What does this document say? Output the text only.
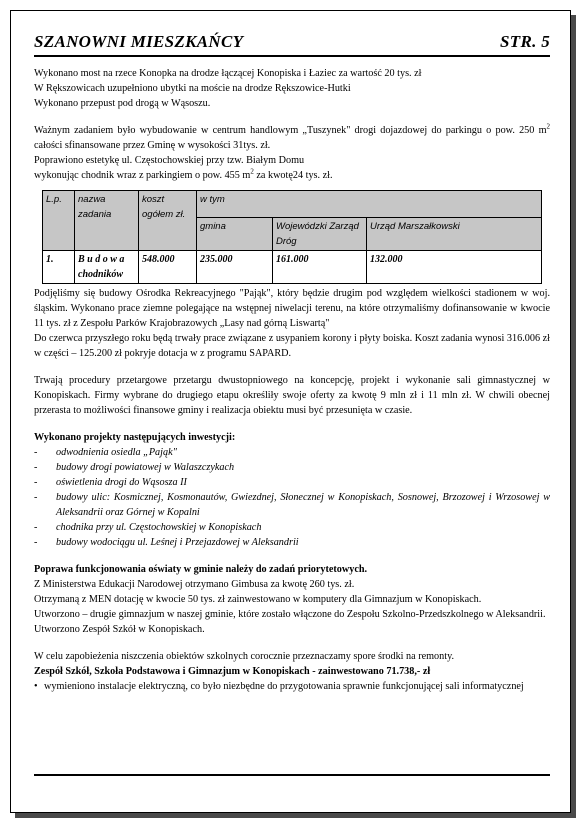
SZANOWNI MIESZKAŃCY	STR. 5

Wykonano most na rzece Konopka na drodze łączącej Konopiska i Łaziec za wartość 20 tys. zł

W Rększowicach uzupełniono ubytki na moście na drodze Rększowice-Hutki

Wykonano przepust pod drogą w Wąsoszu.

Ważnym zadaniem było wybudowanie w centrum handlowym „Tuszynek" drogi dojazdowej do parkingu o pow. 250 $m^2$ całości sfinansowane przez Gminę w wysokości 31tys. zł.

Poprawiono estetykę ul. Częstochowskiej przy tzw. Białym Domu

wykonując chodnik wraz z parkingiem o pow. 455 $m^2$ za kwotę24 tys. zł.

L.p.	nazwa zadania	koszt ogółem zł.	w tym		
			gmina	Wojewódzki Zarząd Dróg	Urząd Marszałkowski
1.	B u d o w a chodników	548.000	235.000	161.000	132.000

Podjęliśmy się budowy Ośrodka Rekreacyjnego "Pająk", który będzie drugim pod względem wielkości stadionem w woj. śląskim. Wykonano prace ziemne polegające na wstępnej niwelacji terenu, na które otrzymaliśmy dofinansowanie w kwocie 11 tys. zł z Zespołu Parków Krajobrazowych „Lasy nad górną Liswartą"

Do czerwca przyszłego roku będą trwały prace związane z usypaniem korony i płyty boiska. Koszt zadania wynosi 316.006 zł w części – 125.200 zł pokryje dotacja w z programu SAPARD.

Trwają procedury przetargowe przetargu dwustopniowego na koncepcję, projekt i wykonanie sali gimnastycznej w Konopiskach. Firmy wybrane do drugiego etapu określiły swoje oferty za kwotę 9 mln zł i 11 mln zł. W chwili obecnej przerasta to możliwości finansowe gminy i realizacja obiektu musi być przesunięta w czasie.

Wykonano projekty następujących inwestycji:

- odwodnienia osiedla „Pająk"
- budowy drogi powiatowej w Walaszczykach
- oświetlenia drogi do Wąsosza II
- budowy ulic: Kosmicznej, Kosmonautów, Gwiezdnej, Słonecznej w Konopiskach, Sosnowej, Brzozowej i Wrzosowej w Aleksandrii oraz Górnej w Kopalni
- chodnika przy ul. Częstochowskiej w Konopiskach
- budowy wodociągu ul. Leśnej i Przejazdowej w Aleksandrii

Poprawa funkcjonowania oświaty w gminie należy do zadań priorytetowych.

Z Ministerstwa Edukacji Narodowej otrzymano Gimbusa za kwotę 260 tys. zł.

Otrzymaną z MEN dotację w kwocie 50 tys. zł zainwestowano w komputery dla Gimnazjum w Konopiskach.

Utworzono – drugie gimnazjum w naszej gminie, które zostało włączone do Zespołu Szkolno-Przedszkolnego w Aleksandrii.

Utworzono Zespół Szkół w Konopiskach.

W celu zapobieżenia niszczenia obiektów szkolnych corocznie przeznaczamy spore środki na remonty.

Zespół Szkół, Szkoła Podstawowa i Gimnazjum w Konopiskach - zainwestowano 71.738,- zł

• wymieniono instalacje elektryczną, co było niezbędne do przygotowania sprawnie funkcjonującej sali informatycznej
